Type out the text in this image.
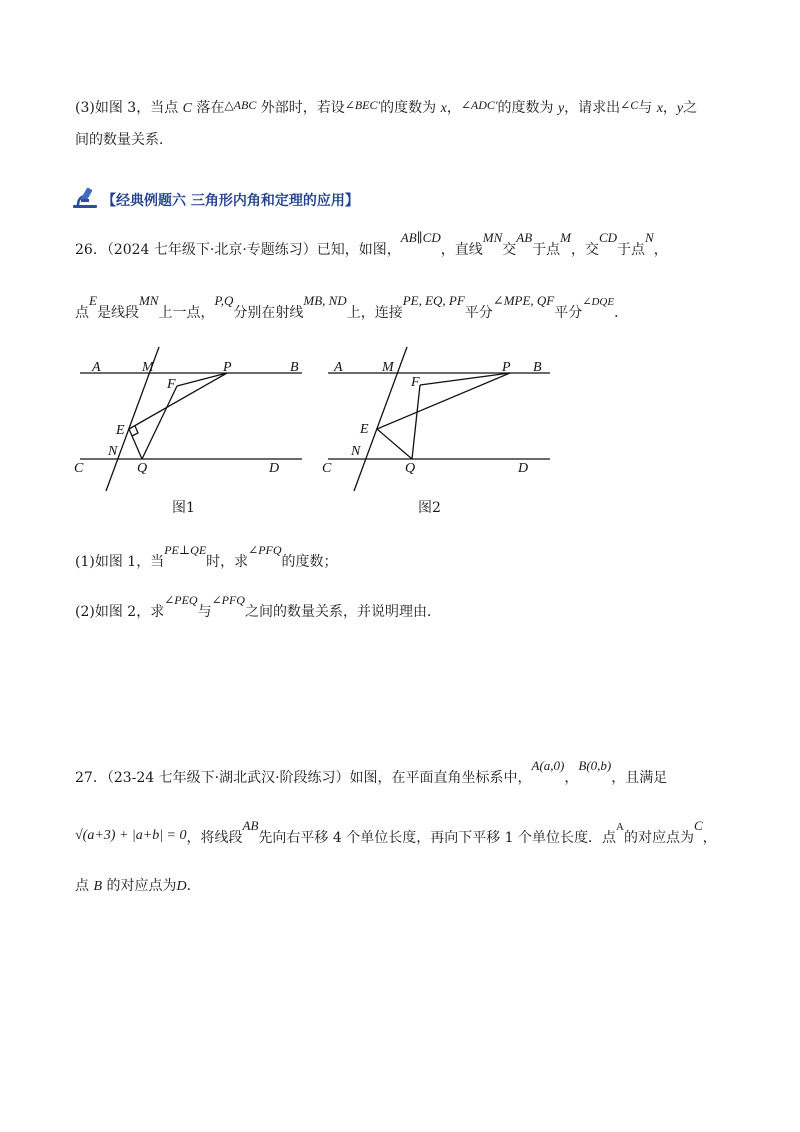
(3)如图 3，当点 C 落在△ABC 外部时，若设∠BEC′的度数为 x，∠ADC′的度数为 y，请求出∠C与 x，y之
间的数量关系．
【经典例题六 三角形内角和定理的应用】
26．（2024 七年级下·北京·专题练习）已知，如图，AB∥CD，直线MN交AB于点M，交CD于点N，
点E是线段MN上一点，P,Q分别在射线MB, ND上，连接PE, EQ, PF平分∠MPE, QF平分$^{\angle DQE}$．
A	M	P	B
F
E
N
C	Q	D
A	M	P B
F
E
N
C	Q	D
图1	图2
(1)如图 1，当PE⊥QE时，求∠PFQ的度数；
(2)如图 2，求∠PEQ与∠PFQ之间的数量关系，并说明理由．
27．（23-24 七年级下·湖北武汉·阶段练习）如图，在平面直角坐标系中，A(a,0)，B(0,b)，且满足
√(a+3) + |a+b| = 0，将线段AB先向右平移 4 个单位长度，再向下平移 1 个单位长度．点$^A$的对应点为C，
点 B 的对应点为D．
